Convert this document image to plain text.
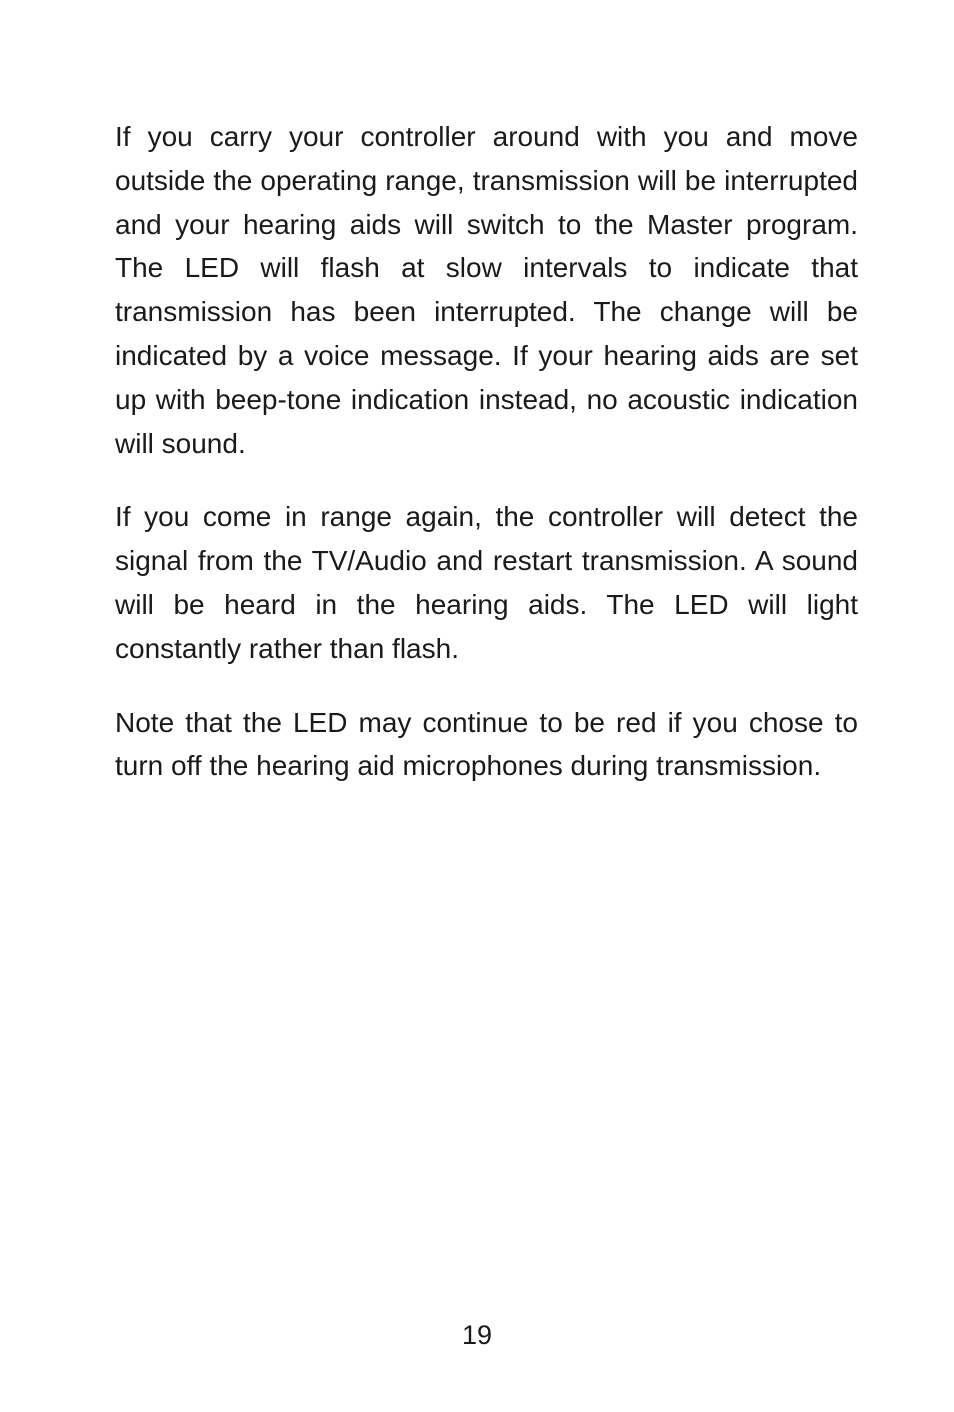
If you carry your controller around with you and move outside the operating range, transmission will be interrupted and your hearing aids will switch to the Master program. The LED will flash at slow intervals to indicate that transmission has been interrupted. The change will be indicated by a voice message. If your hearing aids are set up with beep-tone indication instead, no acoustic indication will sound.

If you come in range again, the controller will detect the signal from the TV/Audio and restart transmission. A sound will be heard in the hearing aids. The LED will light constantly rather than flash.

Note that the LED may continue to be red if you chose to turn off the hearing aid microphones during transmission.

19
